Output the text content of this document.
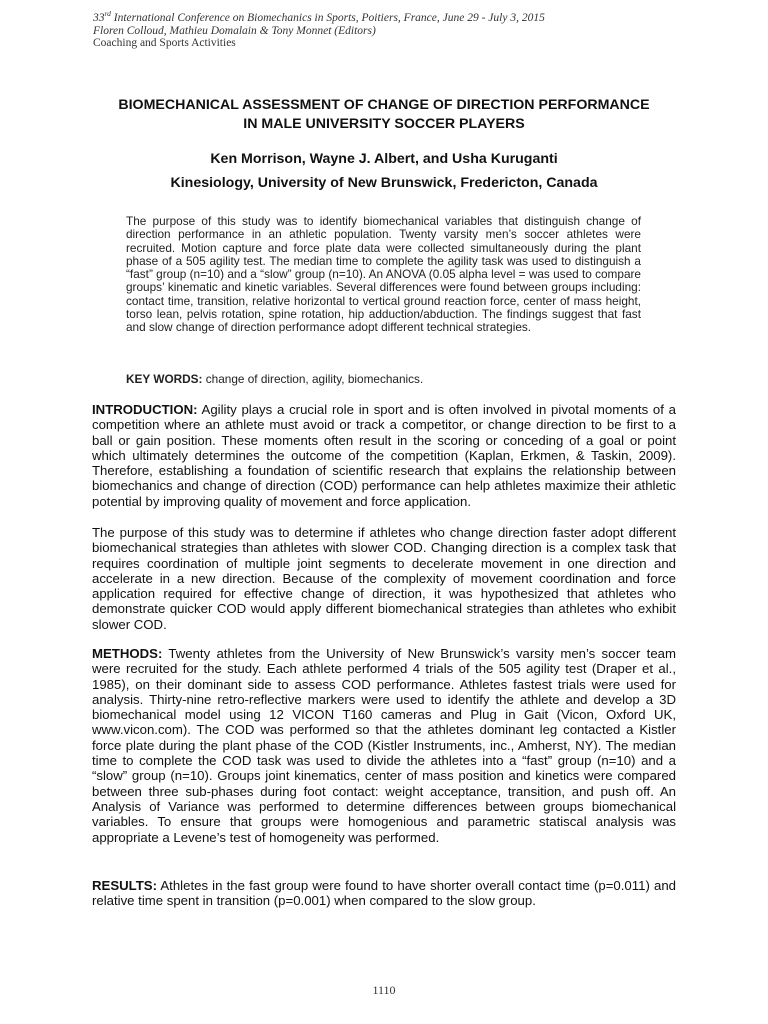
33rd International Conference on Biomechanics in Sports, Poitiers, France, June 29 - July 3, 2015
Floren Colloud, Mathieu Domalain & Tony Monnet (Editors)
Coaching and Sports Activities
BIOMECHANICAL ASSESSMENT OF CHANGE OF DIRECTION PERFORMANCE
IN MALE UNIVERSITY SOCCER PLAYERS
Ken Morrison, Wayne J. Albert, and Usha Kuruganti
Kinesiology, University of New Brunswick, Fredericton, Canada
The purpose of this study was to identify biomechanical variables that distinguish change of direction performance in an athletic population. Twenty varsity men’s soccer athletes were recruited. Motion capture and force plate data were collected simultaneously during the plant phase of a 505 agility test. The median time to complete the agility task was used to distinguish a “fast” group (n=10) and a “slow” group (n=10). An ANOVA (0.05 alpha level = was used to compare groups’ kinematic and kinetic variables. Several differences were found between groups including: contact time, transition, relative horizontal to vertical ground reaction force, center of mass height, torso lean, pelvis rotation, spine rotation, hip adduction/abduction. The findings suggest that fast and slow change of direction performance adopt different technical strategies.
KEY WORDS: change of direction, agility, biomechanics.
INTRODUCTION: Agility plays a crucial role in sport and is often involved in pivotal moments of a competition where an athlete must avoid or track a competitor, or change direction to be first to a ball or gain position. These moments often result in the scoring or conceding of a goal or point which ultimately determines the outcome of the competition (Kaplan, Erkmen, & Taskin, 2009). Therefore, establishing a foundation of scientific research that explains the relationship between biomechanics and change of direction (COD) performance can help athletes maximize their athletic potential by improving quality of movement and force application.
The purpose of this study was to determine if athletes who change direction faster adopt different biomechanical strategies than athletes with slower COD. Changing direction is a complex task that requires coordination of multiple joint segments to decelerate movement in one direction and accelerate in a new direction. Because of the complexity of movement coordination and force application required for effective change of direction, it was hypothesized that athletes who demonstrate quicker COD would apply different biomechanical strategies than athletes who exhibit slower COD.
METHODS: Twenty athletes from the University of New Brunswick’s varsity men’s soccer team were recruited for the study. Each athlete performed 4 trials of the 505 agility test (Draper et al., 1985), on their dominant side to assess COD performance. Athletes fastest trials were used for analysis. Thirty-nine retro-reflective markers were used to identify the athlete and develop a 3D biomechanical model using 12 VICON T160 cameras and Plug in Gait (Vicon, Oxford UK, www.vicon.com). The COD was performed so that the athletes dominant leg contacted a Kistler force plate during the plant phase of the COD (Kistler Instruments, inc., Amherst, NY). The median time to complete the COD task was used to divide the athletes into a “fast” group (n=10) and a “slow” group (n=10). Groups joint kinematics, center of mass position and kinetics were compared between three sub-phases during foot contact: weight acceptance, transition, and push off. An Analysis of Variance was performed to determine differences between groups biomechanical variables. To ensure that groups were homogenious and parametric statiscal analysis was appropriate a Levene’s test of homogeneity was performed.
RESULTS: Athletes in the fast group were found to have shorter overall contact time (p=0.011) and relative time spent in transition (p=0.001) when compared to the slow group.
1110
